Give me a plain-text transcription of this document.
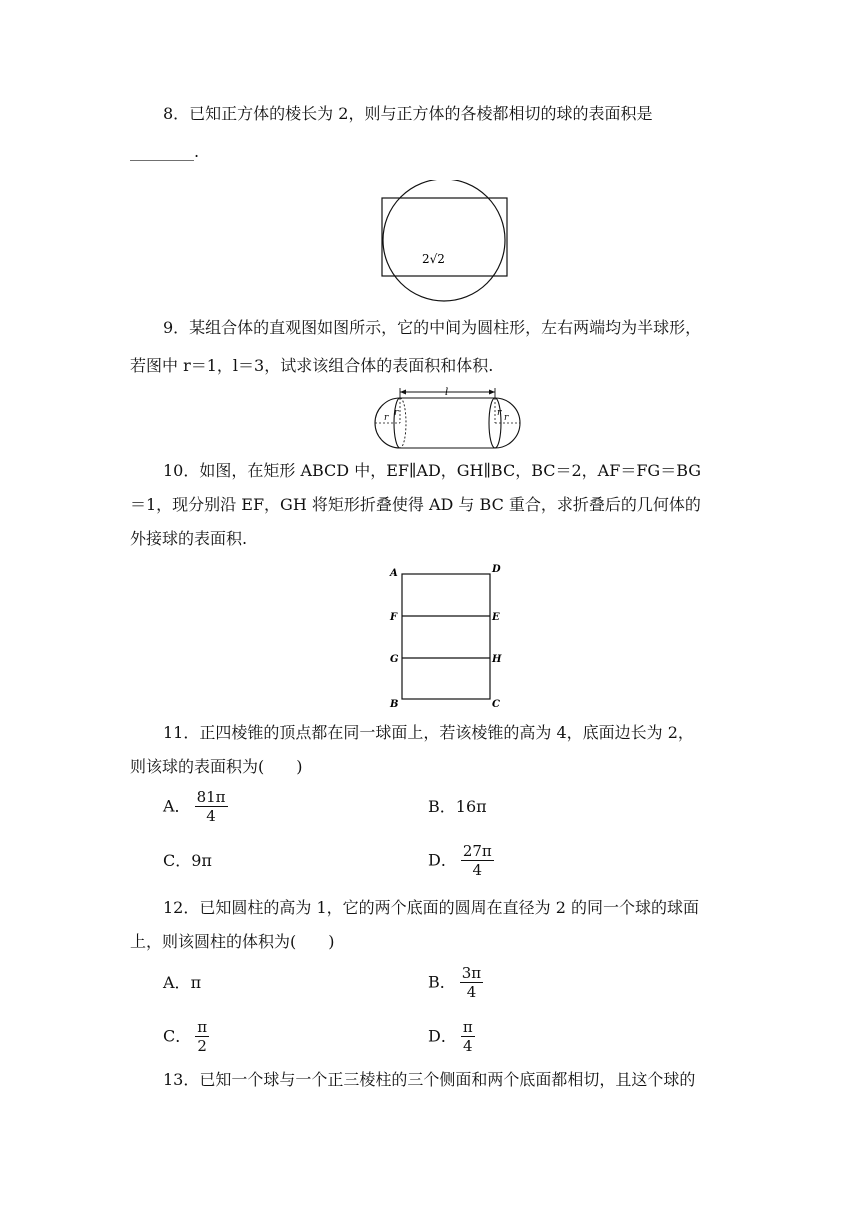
8．已知正方体的棱长为 2，则与正方体的各棱都相切的球的表面积是
________.
2√2
9．某组合体的直观图如图所示，它的中间为圆柱形，左右两端均为半球形，
若图中 r＝1，l＝3，试求该组合体的表面积和体积.
l
r r	r
r
10．如图，在矩形 ABCD 中，EF∥AD，GH∥BC，BC＝2，AF＝FG＝BG
＝1，现分别沿 EF，GH 将矩形折叠使得 AD 与 BC 重合，求折叠后的几何体的
外接球的表面积.
A	D
F	E
G	H
B	C
11．正四棱锥的顶点都在同一球面上，若该棱锥的高为 4，底面边长为 2，
则该球的表面积为(　　)
A． $\frac{81\pi}{4}$	B．16π
C．9π	D． $\frac{27\pi}{4}$
12．已知圆柱的高为 1，它的两个底面的圆周在直径为 2 的同一个球的球面
上，则该圆柱的体积为(　　)
A．π	B． $\frac{3\pi}{4}$
C． $\frac{\pi}{2}$	D． $\frac{\pi}{4}$
13．已知一个球与一个正三棱柱的三个侧面和两个底面都相切，且这个球的
